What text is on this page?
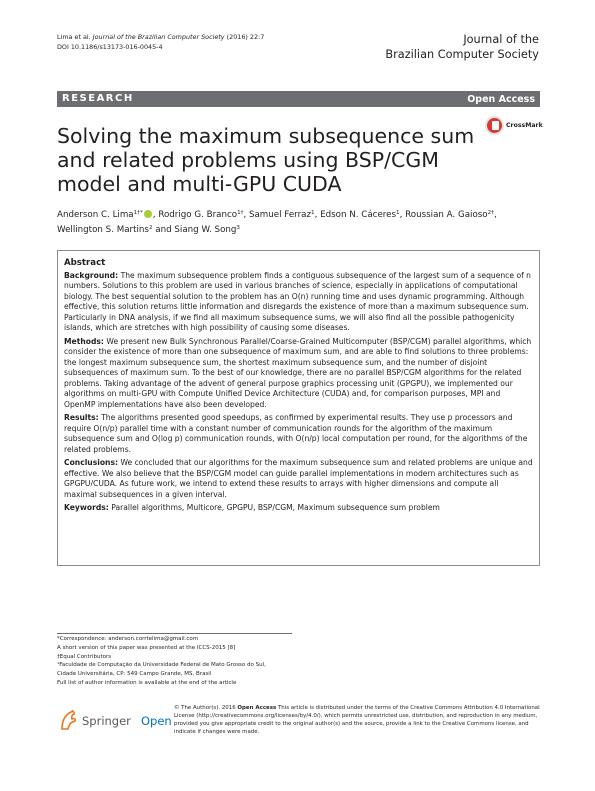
Lima et al. Journal of the Brazilian Computer Society (2016) 22:7
DOI 10.1186/s13173-016-0045-4
Journal of the
Brazilian Computer Society
RESEARCH	Open Access
Solving the maximum subsequence sum and related problems using BSP/CGM model and multi-GPU CUDA
CrossMark
Anderson C. Lima$^{1\dagger*}$ , Rodrigo G. Branco$^{1\dagger}$, Samuel Ferraz$^1$, Edson N. Cáceres$^1$, Roussian A. Gaioso$^{2\dagger}$, Wellington S. Martins$^2$ and Siang W. Song$^3$
Abstract

Background: The maximum subsequence problem finds a contiguous subsequence of the largest sum of a sequence of n numbers. Solutions to this problem are used in various branches of science, especially in applications of computational biology. The best sequential solution to the problem has an O(n) running time and uses dynamic programming. Although effective, this solution returns little information and disregards the existence of more than a maximum subsequence sum. Particularly in DNA analysis, if we find all maximum subsequence sums, we will also find all the possible pathogenicity islands, which are stretches with high possibility of causing some diseases.

Methods: We present new Bulk Synchronous Parallel/Coarse-Grained Multicomputer (BSP/CGM) parallel algorithms, which consider the existence of more than one subsequence of maximum sum, and are able to find solutions to three problems: the longest maximum subsequence sum, the shortest maximum subsequence sum, and the number of disjoint subsequences of maximum sum. To the best of our knowledge, there are no parallel BSP/CGM algorithms for the related problems. Taking advantage of the advent of general purpose graphics processing unit (GPGPU), we implemented our algorithms on multi-GPU with Compute Unified Device Architecture (CUDA) and, for comparison purposes, MPI and OpenMP implementations have also been developed.

Results: The algorithms presented good speedups, as confirmed by experimental results. They use p processors and require O(n/p) parallel time with a constant number of communication rounds for the algorithm of the maximum subsequence sum and O(log p) communication rounds, with O(n/p) local computation per round, for the algorithms of the related problems.

Conclusions: We concluded that our algorithms for the maximum subsequence sum and related problems are unique and effective. We also believe that the BSP/CGM model can guide parallel implementations in modern architectures such as GPGPU/CUDA. As future work, we intend to extend these results to arrays with higher dimensions and compute all maximal subsequences in a given interval.

Keywords: Parallel algorithms, Multicore, GPGPU, BSP/CGM, Maximum subsequence sum problem

*Correspondence: anderson.corrtelima@gmail.com
A short version of this paper was presented at the ICCS-2015 [8]
†Equal Contributors
¹Faculdade de Computação da Universidade Federal de Mato Grosso do Sul,
Cidade Universitária, CP: 549 Campo Grande, MS, Brasil
Full list of author information is available at the end of the article
Springer Open
© The Author(s). 2016 Open Access This article is distributed under the terms of the Creative Commons Attribution 4.0 International License (http://creativecommons.org/licenses/by/4.0/), which permits unrestricted use, distribution, and reproduction in any medium, provided you give appropriate credit to the original author(s) and the source, provide a link to the Creative Commons license, and indicate if changes were made.
